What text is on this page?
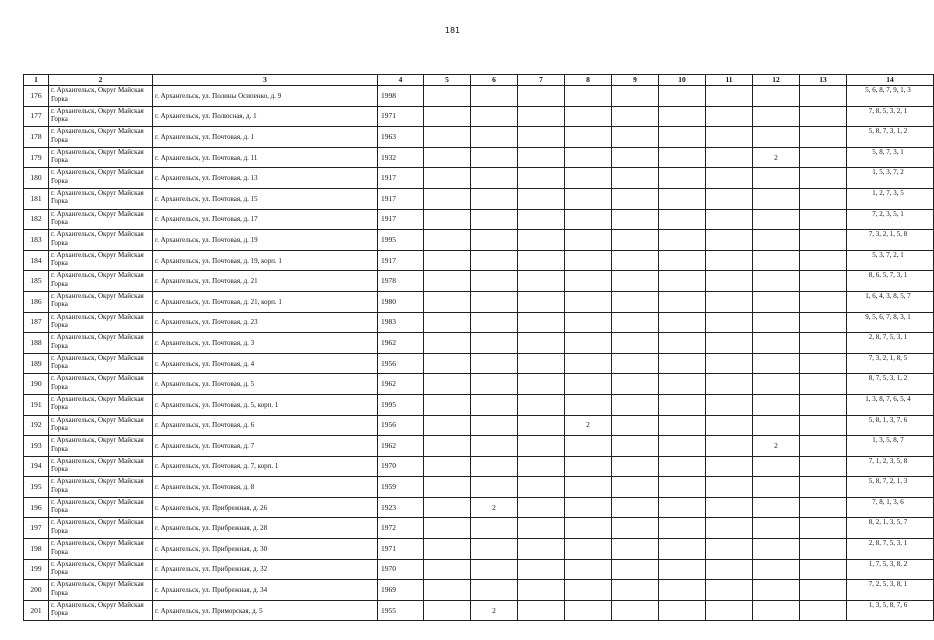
181
1	2	3	4	5	6	7	8	9	10	11	12	13	14
176	г. Архангельск, Округ Майская Горка	г. Архангельск, ул. Полины Осипенко, д. 9	1998										5, 6, 8, 7, 9, 1, 3

177	г. Архангельск, Округ Майская Горка	г. Архангельск, ул. Полюсная, д. 1	1971										7, 8, 5, 3, 2, 1

178	г. Архангельск, Округ Майская Горка	г. Архангельск, ул. Почтовая, д. 1	1963										5, 8, 7, 3, 1, 2

179	г. Архангельск, Округ Майская Горка	г. Архангельск, ул. Почтовая, д. 11	1932								2		5, 8, 7, 3, 1

180	г. Архангельск, Округ Майская Горка	г. Архангельск, ул. Почтовая, д. 13	1917										1, 5, 3, 7, 2

181	г. Архангельск, Округ Майская Горка	г. Архангельск, ул. Почтовая, д. 15	1917										1, 2, 7, 3, 5

182	г. Архангельск, Округ Майская Горка	г. Архангельск, ул. Почтовая, д. 17	1917										7, 2, 3, 5, 1

183	г. Архангельск, Округ Майская Горка	г. Архангельск, ул. Почтовая, д. 19	1995										7, 3, 2, 1, 5, 8

184	г. Архангельск, Округ Майская Горка	г. Архангельск, ул. Почтовая, д. 19, корп. 1	1917										5, 3, 7, 2, 1

185	г. Архангельск, Округ Майская Горка	г. Архангельск, ул. Почтовая, д. 21	1978										8, 6, 5, 7, 3, 1

186	г. Архангельск, Округ Майская Горка	г. Архангельск, ул. Почтовая, д. 21, корп. 1	1980										1, 6, 4, 3, 8, 5, 7

187	г. Архангельск, Округ Майская Горка	г. Архангельск, ул. Почтовая, д. 23	1983										9, 5, 6, 7, 8, 3, 1

188	г. Архангельск, Округ Майская Горка	г. Архангельск, ул. Почтовая, д. 3	1962										2, 8, 7, 5, 3, 1

189	г. Архангельск, Округ Майская Горка	г. Архангельск, ул. Почтовая, д. 4	1956										7, 3, 2, 1, 8, 5

190	г. Архангельск, Округ Майская Горка	г. Архангельск, ул. Почтовая, д. 5	1962										8, 7, 5, 3, 1, 2

191	г. Архангельск, Округ Майская Горка	г. Архангельск, ул. Почтовая, д. 5, корп. 1	1995										1, 3, 8, 7, 6, 5, 4

192	г. Архангельск, Округ Майская Горка	г. Архангельск, ул. Почтовая, д. 6	1956				2						5, 8, 1, 3, 7, 6

193	г. Архангельск, Округ Майская Горка	г. Архангельск, ул. Почтовая, д. 7	1962								2		1, 3, 5, 8, 7

194	г. Архангельск, Округ Майская Горка	г. Архангельск, ул. Почтовая, д. 7, корп. 1	1970										7, 1, 2, 3, 5, 8

195	г. Архангельск, Округ Майская Горка	г. Архангельск, ул. Почтовая, д. 8	1959										5, 8, 7, 2, 1, 3

196	г. Архангельск, Округ Майская Горка	г. Архангельск, ул. Прибрежная, д. 26	1923		2								7, 8, 1, 3, 6

197	г. Архангельск, Округ Майская Горка	г. Архангельск, ул. Прибрежная, д. 28	1972										8, 2, 1, 3, 5, 7

198	г. Архангельск, Округ Майская Горка	г. Архангельск, ул. Прибрежная, д. 30	1971										2, 8, 7, 5, 3, 1

199	г. Архангельск, Округ Майская Горка	г. Архангельск, ул. Прибрежная, д. 32	1970										1, 7, 5, 3, 8, 2

200	г. Архангельск, Округ Майская Горка	г. Архангельск, ул. Прибрежная, д. 34	1969										7, 2, 5, 3, 8, 1

201	г. Архангельск, Округ Майская Горка	г. Архангельск, ул. Приморская, д. 5	1955		2								1, 3, 5, 8, 7, 6
